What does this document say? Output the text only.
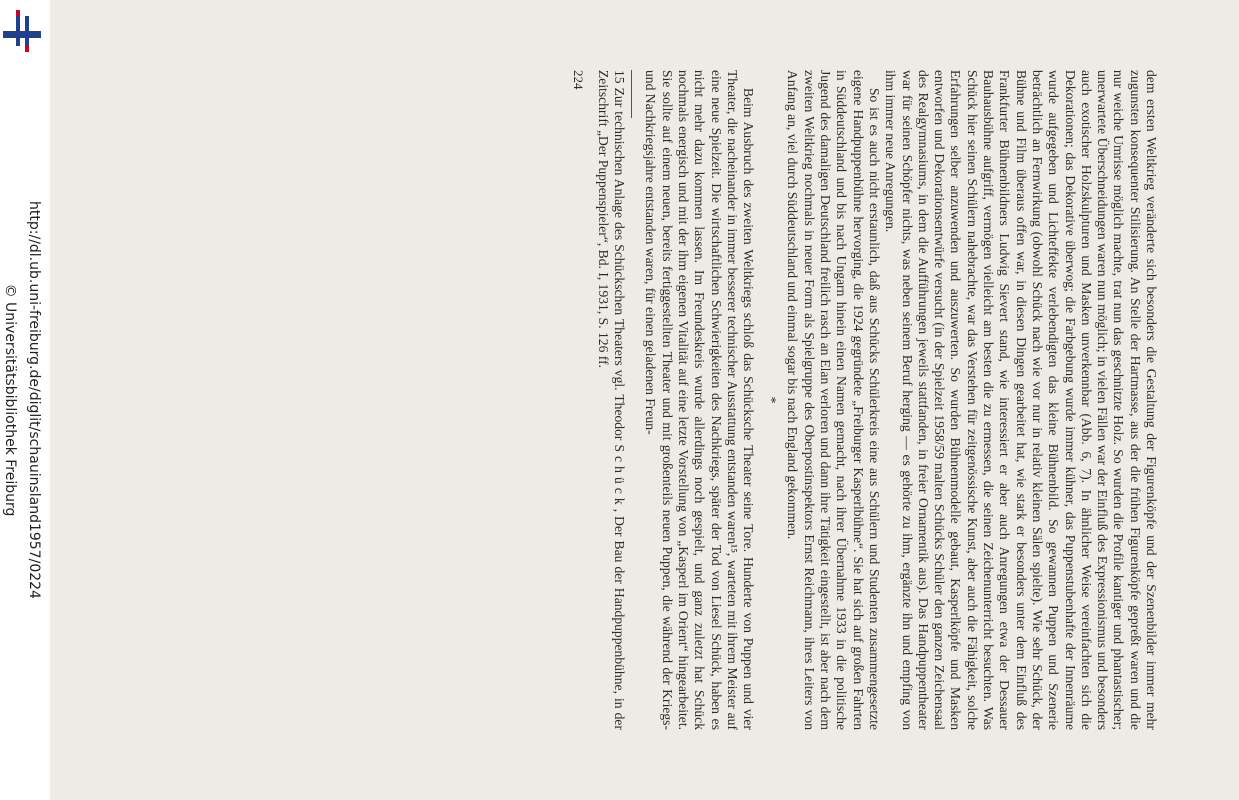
http://dl.ub.uni-freiburg.de/diglit/schauinsland1957/0224
© Universitätsbibliothek Freiburg	dem ersten Weltkrieg veränderte sich besonders die Gestaltung der Figurenköpfe und der Szenenbilder immer mehr zugunsten konsequenter Stilisierung. An Stelle der Hartmasse, aus der die frühen Figurenköpfe gepreßt waren und die nur weiche Umrisse möglich machte, trat nun das geschnitzte Holz. So wurden die Profile kantiger und phantastischer; unerwartete Überschneidungen waren nun möglich; in vielen Fällen war der Einfluß des Expressionismus und besonders auch exotischer Holzskulpturen und Masken unverkennbar (Abb. 6, 7). In ähnlicher Weise vereinfachten sich die Dekorationen; das Dekorative überwog; die Farbgebung wurde immer kühner, das Puppenstubenhafte der Innenräume wurde aufgegeben und Lichteffekte verlebendigten das kleine Bühnenbild. So gewannen Puppen und Szenerie beträchtlich an Fernwirkung (obwohl Schück nach wie vor nur in relativ kleinen Sälen spielte). Wie sehr Schück, der Bühne und Film überaus offen war, in diesen Dingen gearbeitet hat, wie stark er besonders unter dem Einfluß des Frankfurter Bühnenbildners Ludwig Sievert stand, wie interessiert er aber auch Anregungen etwa der Dessauer Bauhausbühne aufgriff, vermögen vielleicht am besten die zu ermessen, die seinen Zeichenunterricht besuchten. Was Schück hier seinen Schülern nahebrachte, war das Verstehen für zeitgenössische Kunst, aber auch die Fähigkeit, solche Erfahrungen selber anzuwenden und auszuwerten. So wurden Bühnenmodelle gebaut, Kasperlköpfe und Masken entworfen und Dekorationsentwürfe versucht (in der Spielzeit 1958/59 malten Schücks Schüler den ganzen Zeichensaal des Realgymnasiums, in dem die Aufführungen jeweils stattfanden, in freier Ornamentik aus). Das Handpuppentheater war für seinen Schöpfer nichts, was neben seinem Beruf herging — es gehörte zu ihm, ergänzte ihn und empfing von ihm immer neue Anregungen.

So ist es auch nicht erstaunlich, daß aus Schücks Schülerkreis eine aus Schülern und Studenten zusammengesetzte eigene Handpuppenbühne hervorging, die 1924 gegründete „Freiburger Kasperlbühne“. Sie hat sich auf großen Fahrten in Süddeutschland und bis nach Ungarn hinein einen Namen gemacht, nach ihrer Übernahme 1933 in die politische Jugend des damaligen Deutschland freilich rasch an Elan verloren und dann ihre Tätigkeit eingestellt, ist aber nach dem zweiten Weltkrieg nochmals in neuer Form als Spielgruppe des Oberpostinspektors Ernst Reichmann, ihres Leiters von Anfang an, viel durch Süddeutschland und einmal sogar bis nach England gekommen.

*

Beim Ausbruch des zweiten Weltkriegs schloß das Schücksche Theater seine Tore. Hunderte von Puppen und vier Theater, die nacheinander in immer besserer technischer Ausstattung entstanden waren¹⁵, warteten mit ihrem Meister auf eine neue Spielzeit. Die wirtschaftlichen Schwierigkeiten des Nachkriegs, später der Tod von Liesel Schück, haben es nicht mehr dazu kommen lassen. Im Freundeskreis wurde allerdings noch gespielt, und ganz zuletzt hat Schück nochmals energisch und mit der ihm eigenen Vitalität auf eine letzte Vorstellung von „Kasperl im Orient“ hingearbeitet. Sie sollte auf einem neuen, bereits fertiggestellten Theater und mit großenteils neuen Puppen, die während der Kriegs- und Nachkriegsjahre entstanden waren, für einen geladenen Freun-

15 Zur technischen Anlage des Schückschen Theaters vgl. Theodor S c h ü c k , Der Bau der Handpuppenbühne, in der Zeitschrift „Der Puppenspieler“, Bd. I, 1931, S. 126 ff.

224
